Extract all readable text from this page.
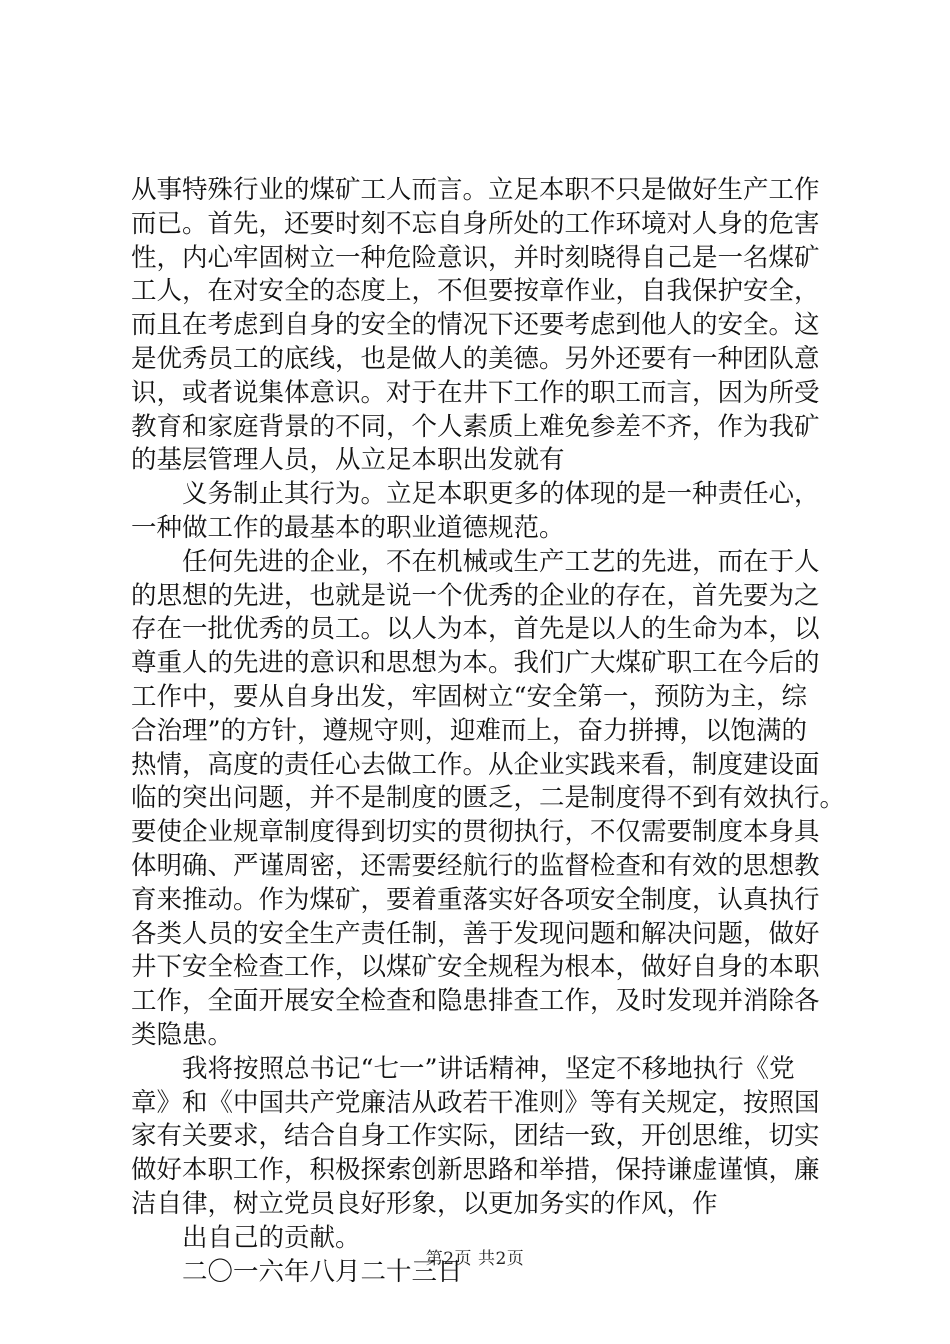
从事特殊行业的煤矿工人而言。立足本职不只是做好生产工作
而已。首先，还要时刻不忘自身所处的工作环境对人身的危害
性，内心牢固树立一种危险意识，并时刻晓得自己是一名煤矿
工人，在对安全的态度上，不但要按章作业，自我保护安全，
而且在考虑到自身的安全的情况下还要考虑到他人的安全。这
是优秀员工的底线，也是做人的美德。另外还要有一种团队意
识，或者说集体意识。对于在井下工作的职工而言，因为所受
教育和家庭背景的不同，个人素质上难免参差不齐，作为我矿
的基层管理人员，从立足本职出发就有
　　义务制止其行为。立足本职更多的体现的是一种责任心，
一种做工作的最基本的职业道德规范。
　　任何先进的企业，不在机械或生产工艺的先进，而在于人
的思想的先进，也就是说一个优秀的企业的存在，首先要为之
存在一批优秀的员工。以人为本，首先是以人的生命为本，以
尊重人的先进的意识和思想为本。我们广大煤矿职工在今后的
工作中，要从自身出发，牢固树立“安全第一，预防为主，综
合治理”的方针，遵规守则，迎难而上，奋力拼搏，以饱满的
热情，高度的责任心去做工作。从企业实践来看，制度建设面
临的突出问题，并不是制度的匮乏，二是制度得不到有效执行。
要使企业规章制度得到切实的贯彻执行，不仅需要制度本身具
体明确、严谨周密，还需要经航行的监督检查和有效的思想教
育来推动。作为煤矿，要着重落实好各项安全制度，认真执行
各类人员的安全生产责任制，善于发现问题和解决问题，做好
井下安全检查工作，以煤矿安全规程为根本，做好自身的本职
工作，全面开展安全检查和隐患排查工作，及时发现并消除各
类隐患。
　　我将按照总书记“七一”讲话精神，坚定不移地执行《党
章》和《中国共产党廉洁从政若干准则》等有关规定，按照国
家有关要求，结合自身工作实际，团结一致，开创思维，切实
做好本职工作，积极探索创新思路和举措，保持谦虚谨慎，廉
洁自律，树立党员良好形象，以更加务实的作风，作
　　出自己的贡献。
　　二〇一六年八月二十三日
第2页 共2页
